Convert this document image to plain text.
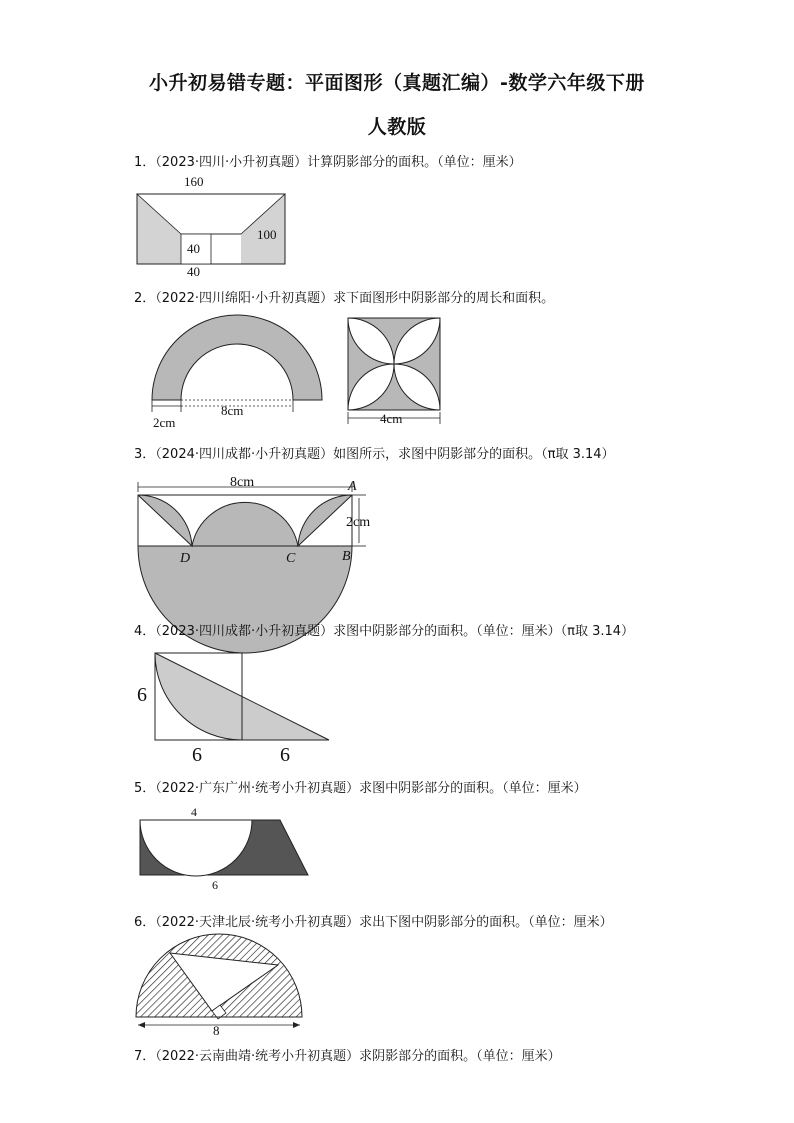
小升初易错专题：平面图形（真题汇编）-数学六年级下册
人教版
1．（2023·四川·小升初真题）计算阴影部分的面积。（单位：厘米）
160
100
40
40
2．（2022·四川绵阳·小升初真题）求下面图形中阴影部分的周长和面积。
8cm
2cm	4cm
3．（2024·四川成都·小升初真题）如图所示，求图中阴影部分的面积。（π取 3.14）
8cm	A
2cm
B
D	C
4．（2023·四川成都·小升初真题）求图中阴影部分的面积。（单位：厘米）（π取 3.14）
6
6	6
5．（2022·广东广州·统考小升初真题）求图中阴影部分的面积。（单位：厘米）
4
6
6．（2022·天津北辰·统考小升初真题）求出下图中阴影部分的面积。（单位：厘米）
8
7．（2022·云南曲靖·统考小升初真题）求阴影部分的面积。（单位：厘米）
